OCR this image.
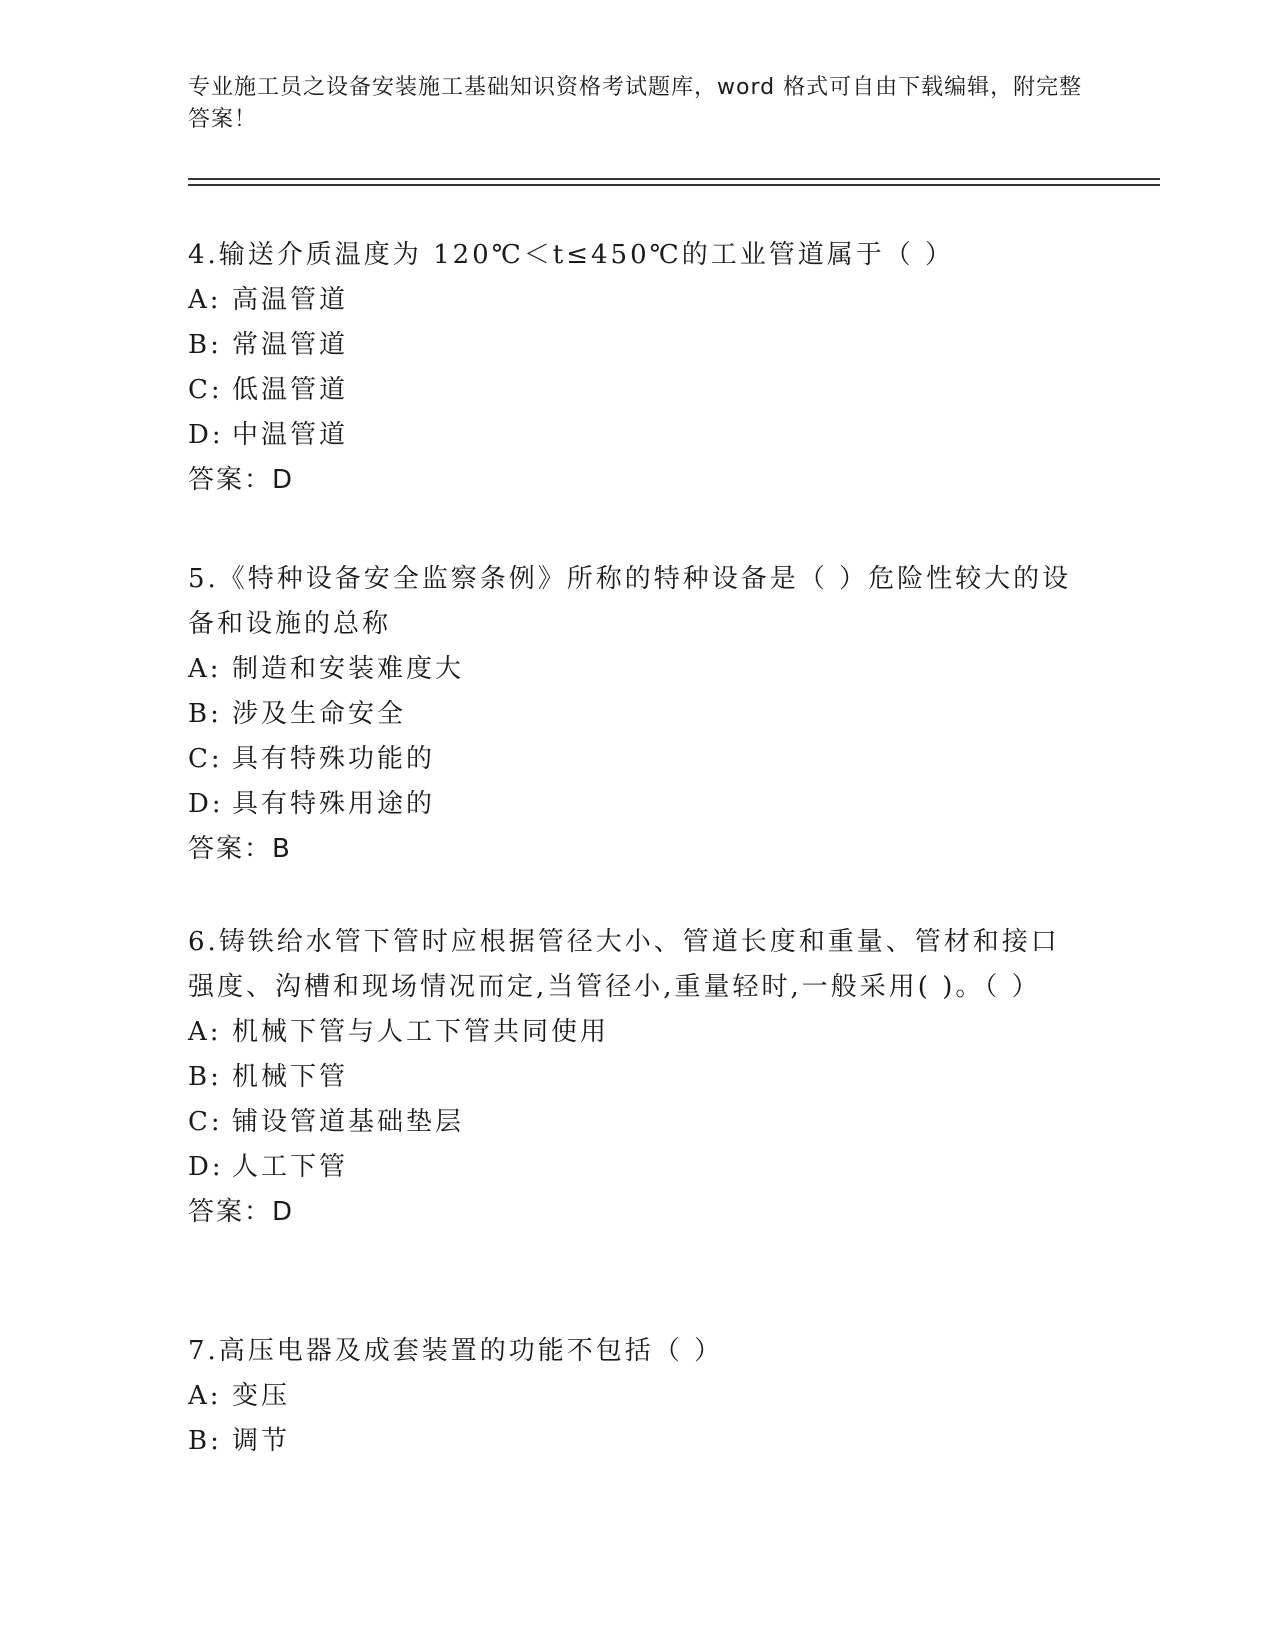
专业施工员之设备安装施工基础知识资格考试题库，word 格式可自由下载编辑，附完整答案！

4.输送介质温度为 120℃＜t≤450℃的工业管道属于（ ）

A: 高温管道

B: 常温管道

C: 低温管道

D: 中温管道

答案：D

5.《特种设备安全监察条例》所称的特种设备是（ ）危险性较大的设备和设施的总称

A: 制造和安装难度大

B: 涉及生命安全

C: 具有特殊功能的

D: 具有特殊用途的

答案：B

6.铸铁给水管下管时应根据管径大小、管道长度和重量、管材和接口强度、沟槽和现场情况而定,当管径小,重量轻时,一般采用( )。（ ）

A: 机械下管与人工下管共同使用

B: 机械下管

C: 铺设管道基础垫层

D: 人工下管

答案：D

7.高压电器及成套装置的功能不包括（ ）

A: 变压

B: 调节
